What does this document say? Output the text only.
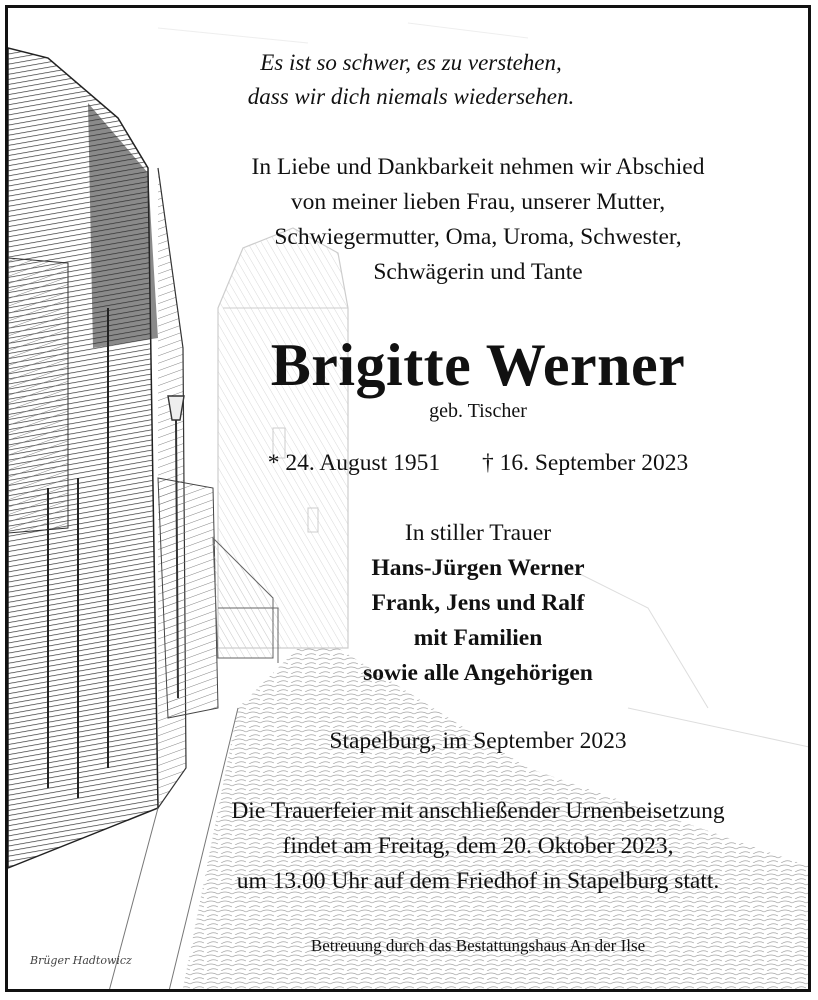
Es ist so schwer, es zu verstehen,
dass wir dich niemals wiedersehen.
In Liebe und Dankbarkeit nehmen wir Abschied
von meiner lieben Frau, unserer Mutter,
Schwiegermutter, Oma, Uroma, Schwester,
Schwägerin und Tante
Brigitte Werner
geb. Tischer
* 24. August 1951 † 16. September 2023
In stiller Trauer
Hans-Jürgen Werner
Frank, Jens und Ralf
mit Familien
sowie alle Angehörigen
Stapelburg, im September 2023
Die Trauerfeier mit anschließender Urnenbeisetzung
findet am Freitag, dem 20. Oktober 2023,
um 13.00 Uhr auf dem Friedhof in Stapelburg statt.
Betreuung durch das Bestattungshaus An der Ilse
Brüger Hadtowicz
